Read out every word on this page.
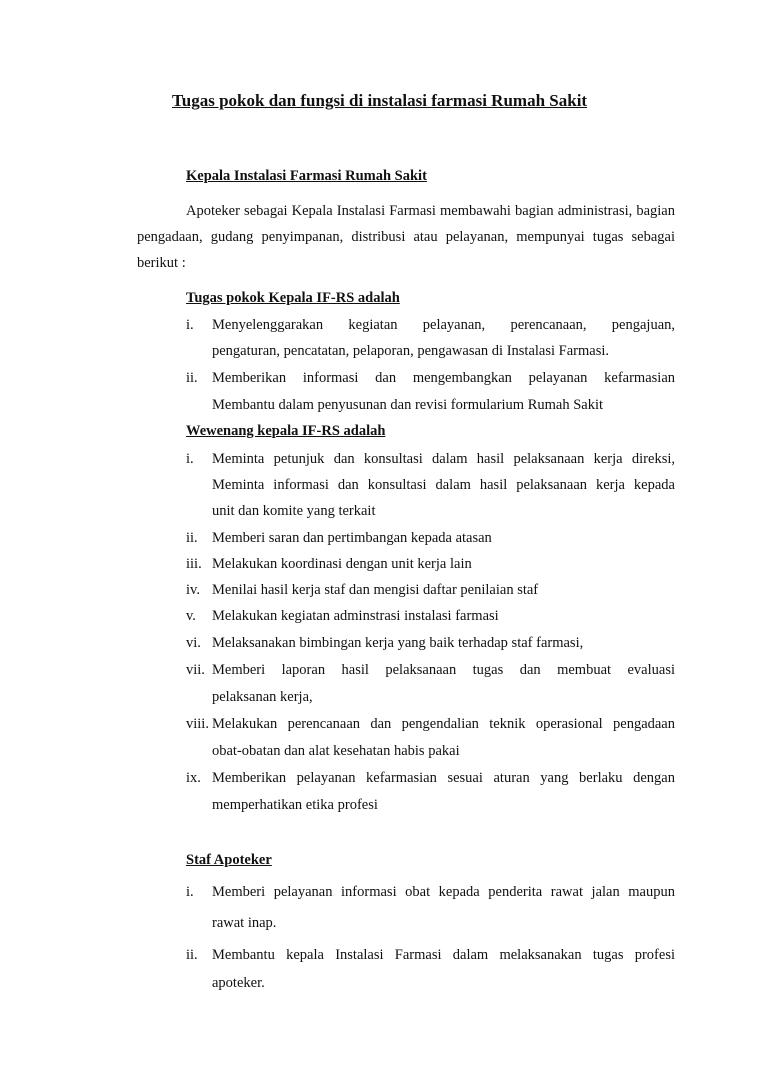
Tugas pokok dan fungsi di instalasi farmasi Rumah Sakit
Kepala Instalasi Farmasi Rumah Sakit
Apoteker sebagai Kepala Instalasi Farmasi membawahi bagian administrasi, bagian pengadaan, gudang penyimpanan, distribusi atau pelayanan, mempunyai tugas sebagai berikut :
Tugas pokok Kepala IF-RS adalah
i. Menyelenggarakan kegiatan pelayanan, perencanaan, pengajuan,
pengaturan, pencatatan, pelaporan, pengawasan di Instalasi Farmasi.
ii. Memberikan informasi dan mengembangkan pelayanan kefarmasian
Membantu dalam penyusunan dan revisi formularium Rumah Sakit
Wewenang kepala IF-RS adalah
i. Meminta petunjuk dan konsultasi dalam hasil pelaksanaan kerja direksi,
Meminta informasi dan konsultasi dalam hasil pelaksanaan kerja kepada
unit dan komite yang terkait
ii. Memberi saran dan pertimbangan kepada atasan
iii. Melakukan koordinasi dengan unit kerja lain
iv. Menilai hasil kerja staf dan mengisi daftar penilaian staf
v. Melakukan kegiatan adminstrasi instalasi farmasi
vi. Melaksanakan bimbingan kerja yang baik terhadap staf farmasi,
vii. Memberi laporan hasil pelaksanaan tugas dan membuat evaluasi
pelaksanan kerja,
viii. Melakukan perencanaan dan pengendalian teknik operasional pengadaan
obat-obatan dan alat kesehatan habis pakai
ix. Memberikan pelayanan kefarmasian sesuai aturan yang berlaku dengan
memperhatikan etika profesi
Staf Apoteker
i. Memberi pelayanan informasi obat kepada penderita rawat jalan maupun
rawat inap.
ii. Membantu kepala Instalasi Farmasi dalam melaksanakan tugas profesi
apoteker.
